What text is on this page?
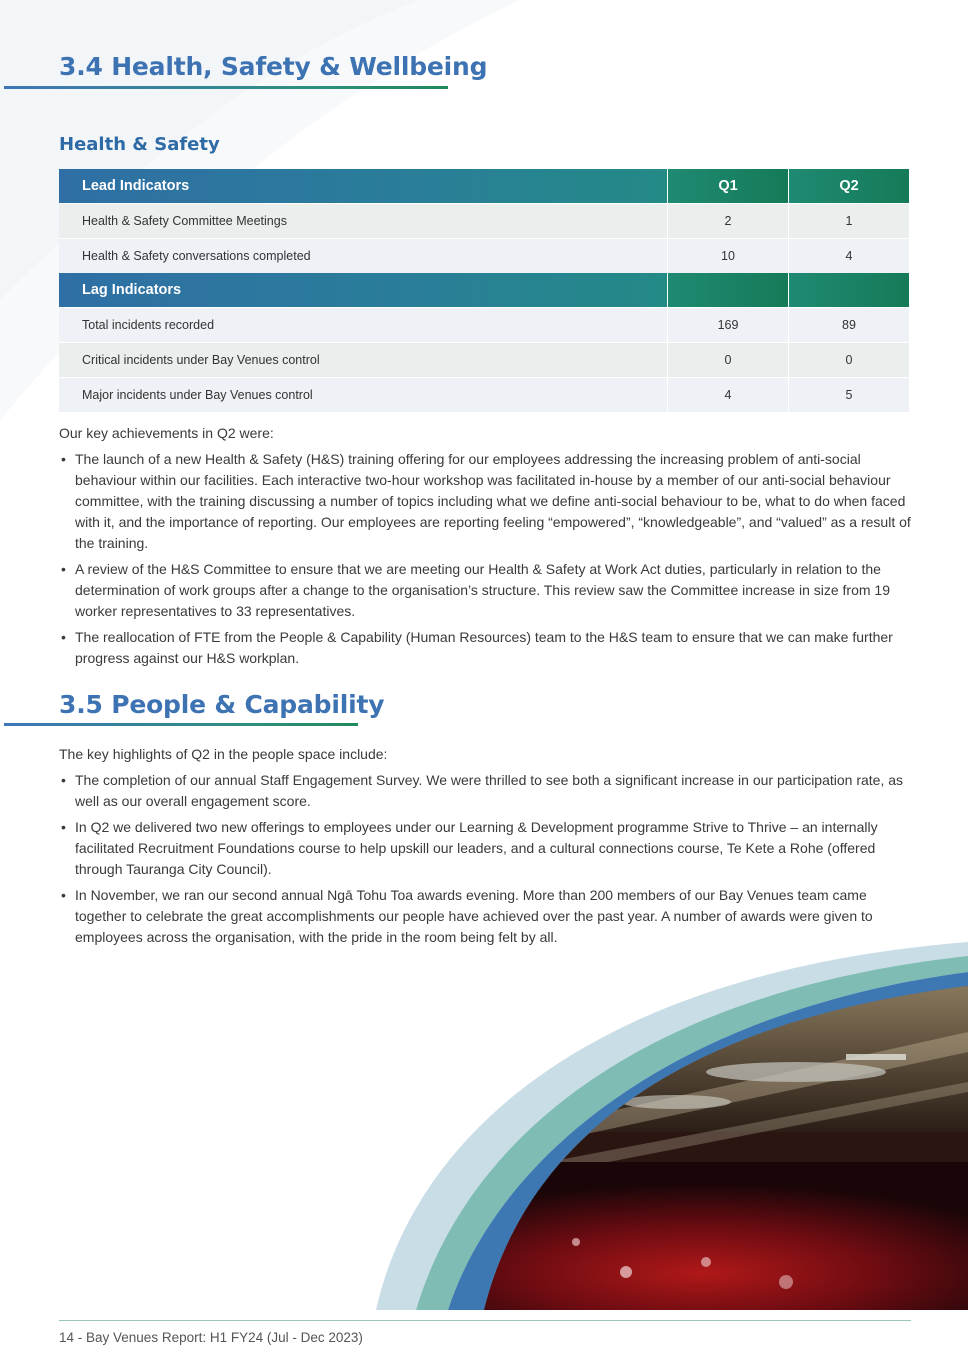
3.4 Health, Safety & Wellbeing
Health & Safety
Lead Indicators	Q1	Q2
Health & Safety Committee Meetings	2	1
Health & Safety conversations completed	10	4
Lag Indicators		
Total incidents recorded	169	89
Critical incidents under Bay Venues control	0	0
Major incidents under Bay Venues control	4	5

Our key achievements in Q2 were:

• The launch of a new Health & Safety (H&S) training offering for our employees addressing the increasing problem of anti-social behaviour within our facilities. Each interactive two-hour workshop was facilitated in-house by a member of our anti-social behaviour committee, with the training discussing a number of topics including what we define anti-social behaviour to be, what to do when faced with it, and the importance of reporting. Our employees are reporting feeling “empowered”, “knowledgeable”, and “valued” as a result of the training.
• A review of the H&S Committee to ensure that we are meeting our Health & Safety at Work Act duties, particularly in relation to the determination of work groups after a change to the organisation’s structure. This review saw the Committee increase in size from 19 worker representatives to 33 representatives.
• The reallocation of FTE from the People & Capability (Human Resources) team to the H&S team to ensure that we can make further progress against our H&S workplan.
3.5 People & Capability

The key highlights of Q2 in the people space include:

• The completion of our annual Staff Engagement Survey. We were thrilled to see both a significant increase in our participation rate, as well as our overall engagement score.
• In Q2 we delivered two new offerings to employees under our Learning & Development programme Strive to Thrive – an internally facilitated Recruitment Foundations course to help upskill our leaders, and a cultural connections course, Te Kete a Rohe (offered through Tauranga City Council).
• In November, we ran our second annual Ngā Tohu Toa awards evening. More than 200 members of our Bay Venues team came together to celebrate the great accomplishments our people have achieved over the past year. A number of awards were given to employees across the organisation, with the pride in the room being felt by all.
14 - Bay Venues Report: H1 FY24 (Jul - Dec 2023)
